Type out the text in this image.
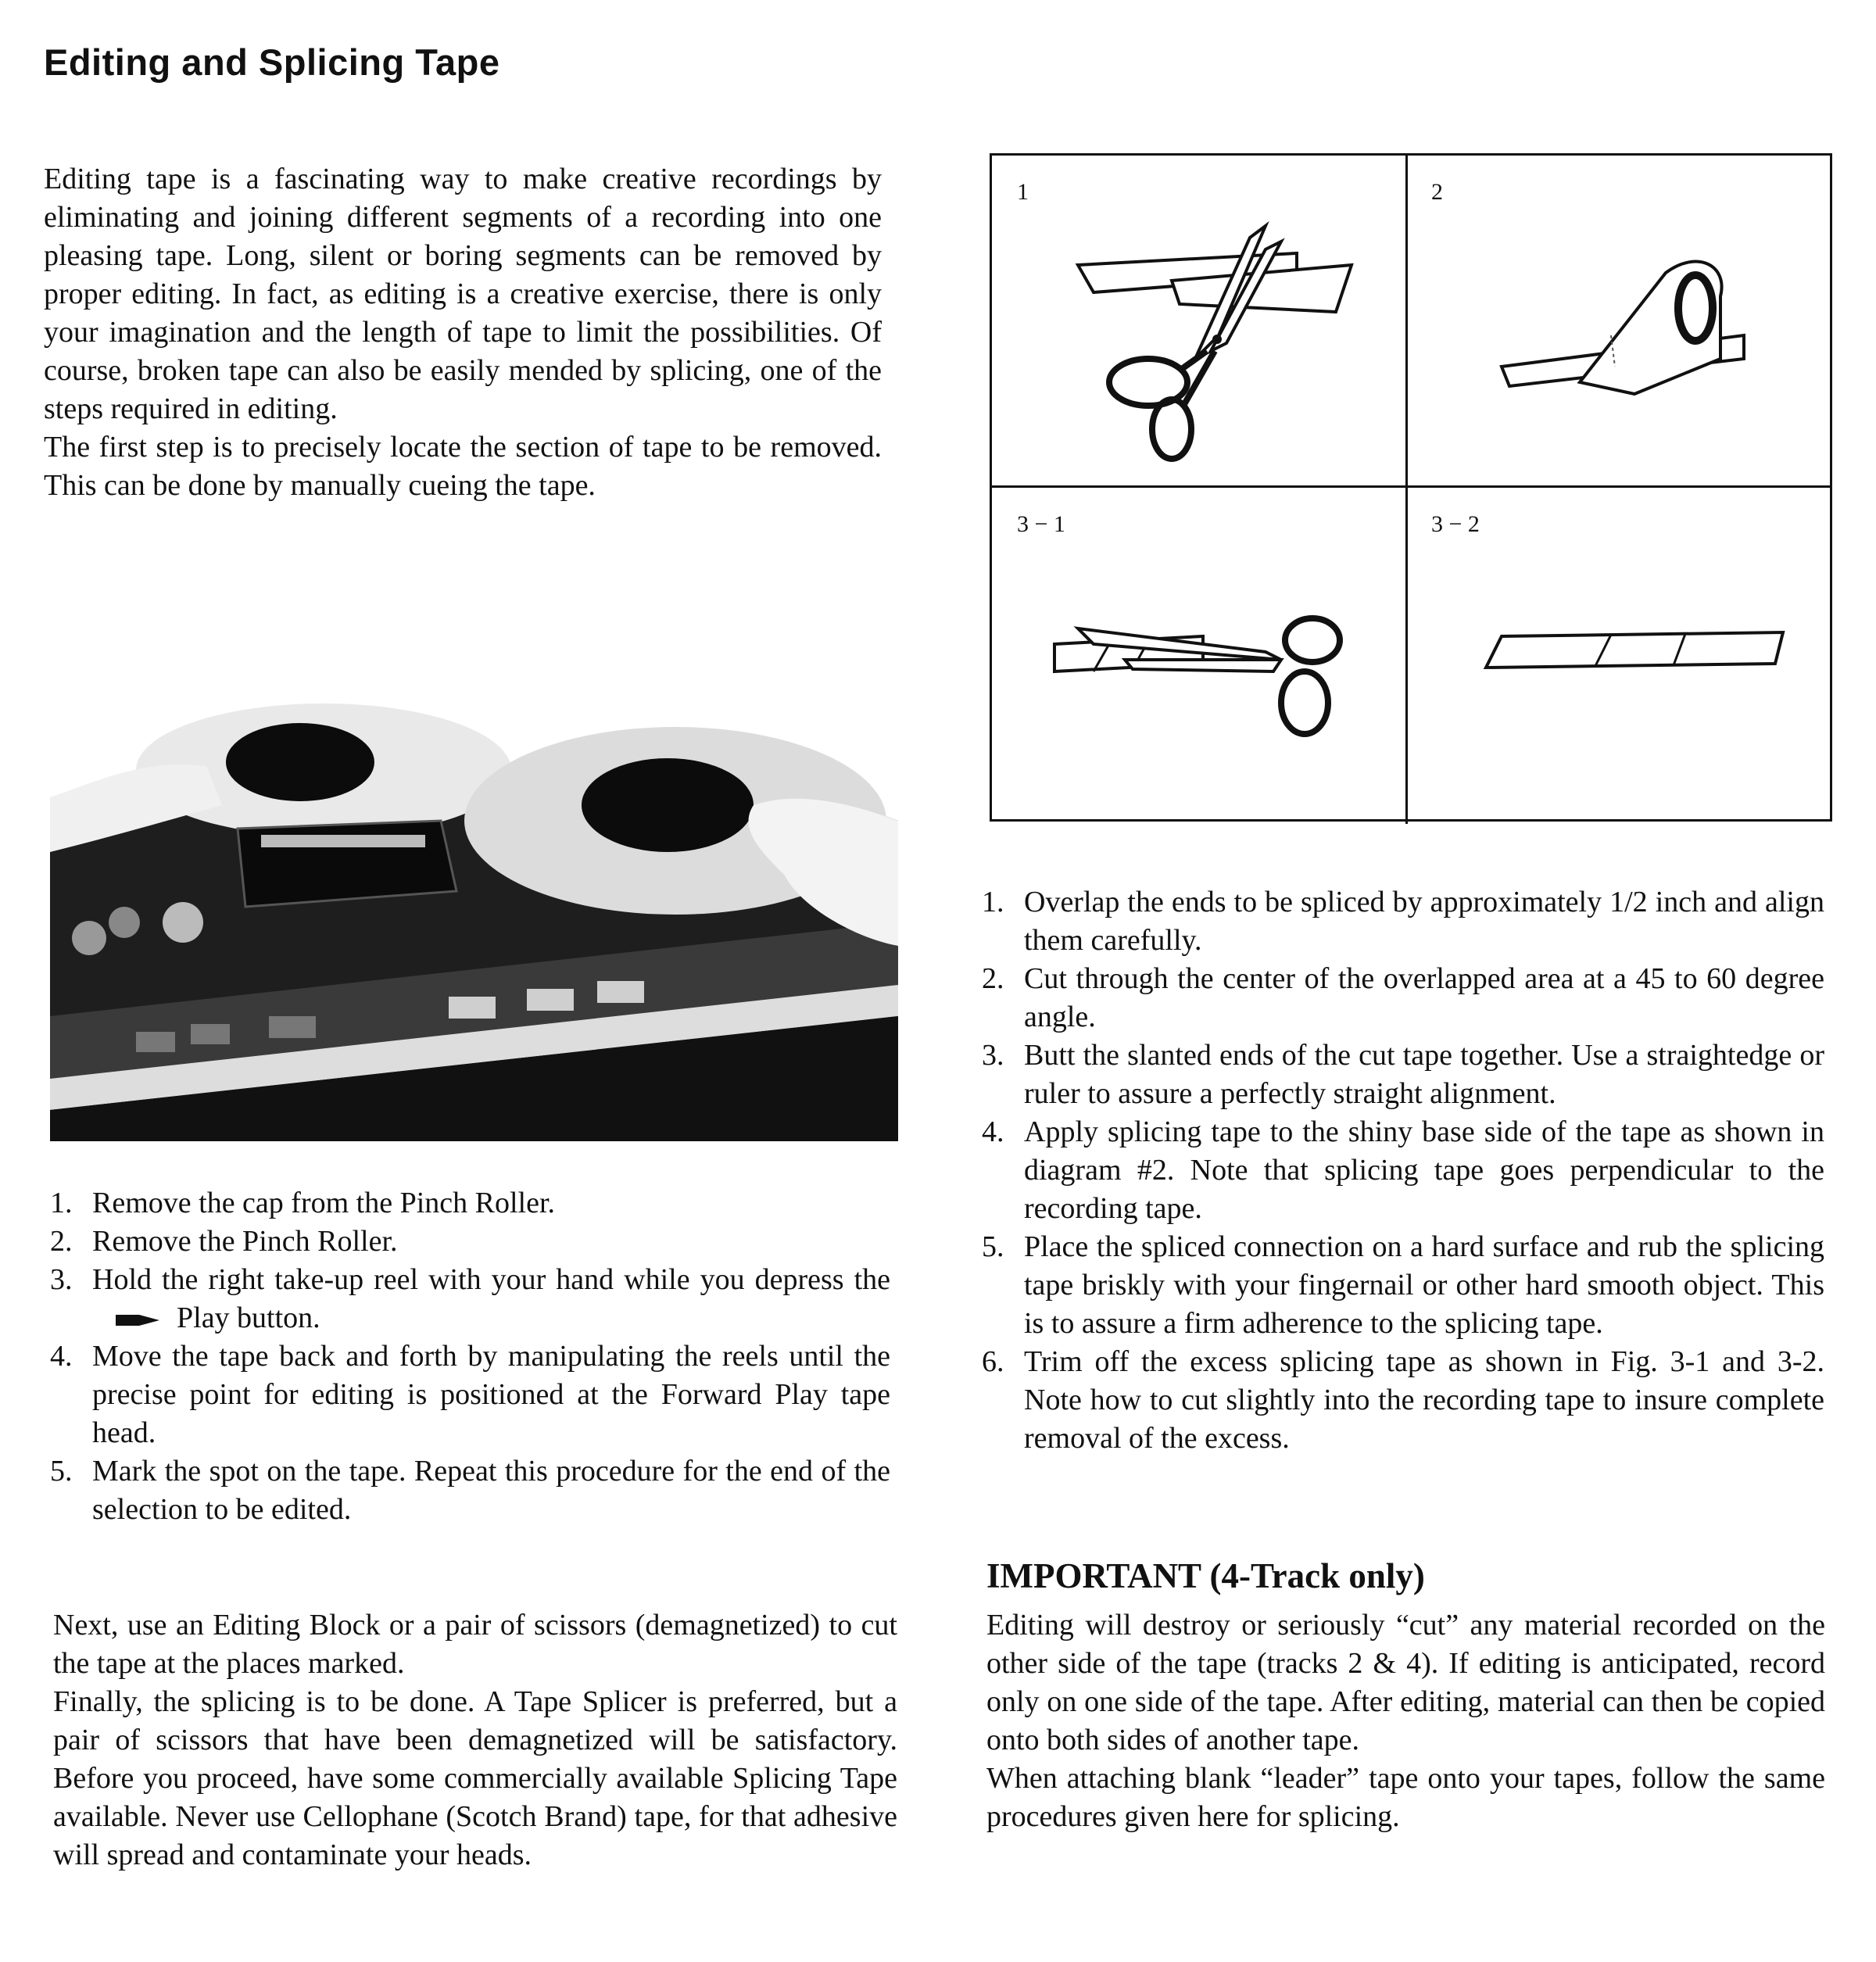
Editing and Splicing Tape

Editing tape is a fascinating way to make creative recordings by eliminating and joining different segments of a recording into one pleasing tape. Long, silent or boring segments can be removed by proper editing. In fact, as editing is a creative exercise, there is only your imagination and the length of tape to limit the possibilities. Of course, broken tape can also be easily mended by splicing, one of the steps required in editing.

The first step is to precisely locate the section of tape to be removed. This can be done by manually cueing the tape.

1. Remove the cap from the Pinch Roller.
2. Remove the Pinch Roller.
3. Hold the right take-up reel with your hand while you depress thePlay button.
4. Move the tape back and forth by manipulating the reels until the precise point for editing is positioned at the Forward Play tape head.
5. Mark the spot on the tape. Repeat this procedure for the end of the selection to be edited.

Next, use an Editing Block or a pair of scissors (demagnetized) to cut the tape at the places marked.

Finally, the splicing is to be done. A Tape Splicer is preferred, but a pair of scissors that have been demagnetized will be satisfactory. Before you proceed, have some commercially available Splicing Tape available. Never use Cellophane (Scotch Brand) tape, for that adhesive will spread and contaminate your heads.

1	2
3 − 1	3 − 2
1. Overlap the ends to be spliced by approximately 1/2 inch and align them carefully.
2. Cut through the center of the overlapped area at a 45 to 60 degree angle.
3. Butt the slanted ends of the cut tape together. Use a straightedge or ruler to assure a perfectly straight alignment.
4. Apply splicing tape to the shiny base side of the tape as shown in diagram #2. Note that splicing tape goes perpendicular to the recording tape.
5. Place the spliced connection on a hard surface and rub the splicing tape briskly with your fingernail or other hard smooth object. This is to assure a firm adherence to the splicing tape.
6. Trim off the excess splicing tape as shown in Fig. 3-1 and 3-2. Note how to cut slightly into the recording tape to insure complete removal of the excess.
IMPORTANT (4-Track only)

Editing will destroy or seriously “cut” any material recorded on the other side of the tape (tracks 2 & 4). If editing is anticipated, record only on one side of the tape. After editing, material can then be copied onto both sides of another tape.

When attaching blank “leader” tape onto your tapes, follow the same procedures given here for splicing.
